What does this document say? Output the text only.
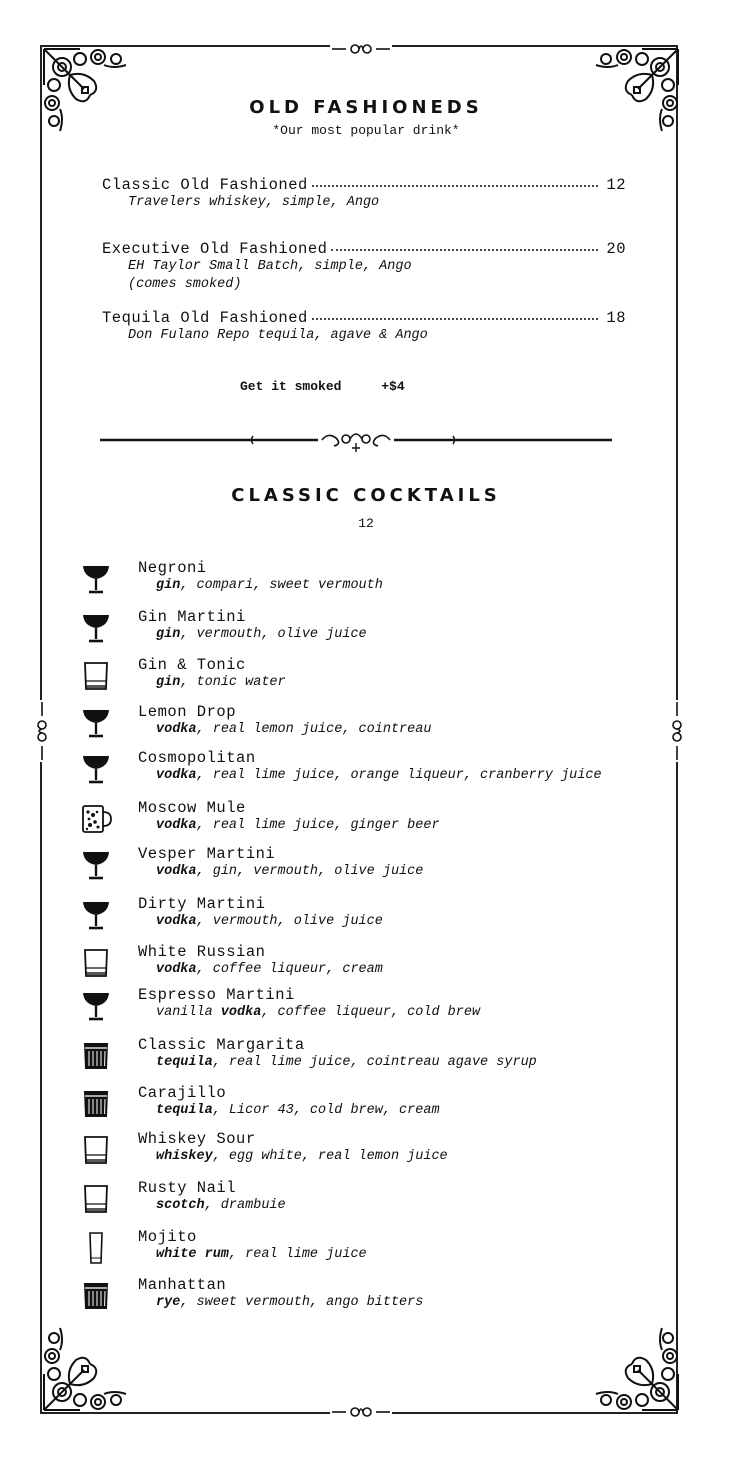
OLD FASHIONEDS
*Our most popular drink*
Classic Old Fashioned	12
Travelers whiskey, simple, Ango
Executive Old Fashioned	20
EH Taylor Small Batch, simple, Ango
(comes smoked)
Tequila Old Fashioned	18
Don Fulano Repo tequila, agave & Ango
Get it smoked	+$4
CLASSIC COCKTAILS
12
Negroni
gin, compari, sweet vermouth
Gin Martini
gin, vermouth, olive juice
Gin & Tonic
gin, tonic water
Lemon Drop
vodka, real lemon juice, cointreau
Cosmopolitan
vodka, real lime juice, orange liqueur, cranberry juice
Moscow Mule
vodka, real lime juice, ginger beer
Vesper Martini
vodka, gin, vermouth, olive juice
Dirty Martini
vodka, vermouth, olive juice
White Russian
vodka, coffee liqueur, cream
Espresso Martini
vanilla vodka, coffee liqueur, cold brew
Classic Margarita
tequila, real lime juice, cointreau agave syrup
Carajillo
tequila, Licor 43, cold brew, cream
Whiskey Sour
whiskey, egg white, real lemon juice
Rusty Nail
scotch, drambuie
Mojito
white rum, real lime juice
Manhattan
rye, sweet vermouth, ango bitters
